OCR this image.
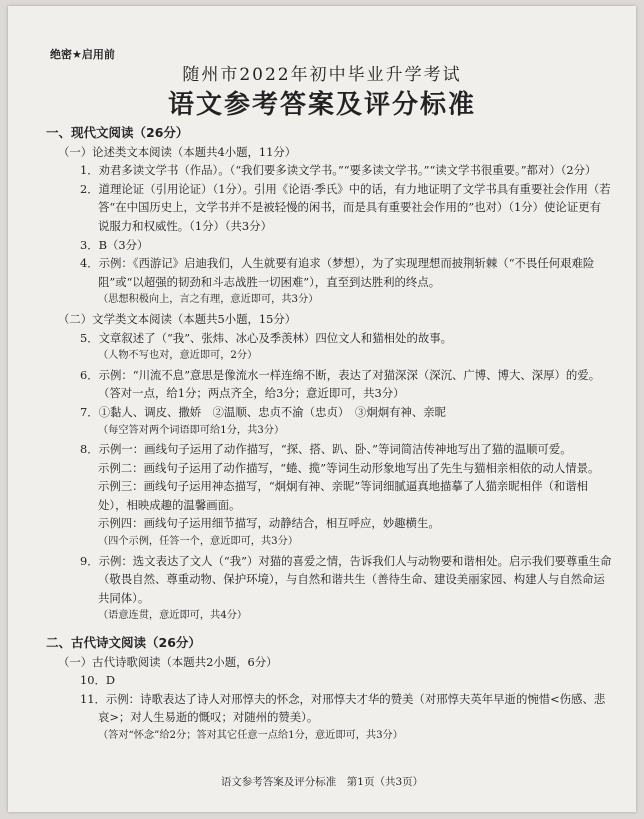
绝密★启用前
随州市2022年初中毕业升学考试
语文参考答案及评分标准
一、现代文阅读（26分）
（一）论述类文本阅读（本题共4小题，11分）
1．劝君多读文学书（作品）。（“我们要多读文学书。”“要多读文学书。”“读文学书很重要。”都对）（2分）
2．道理论证（引用论证）（1分）。引用《论语·季氏》中的话，有力地证明了文学书具有重要社会作用（若答“在中国历史上，文学书并不是被轻慢的闲书，而是具有重要社会作用的”也对）（1分）使论证更有说服力和权威性。（1分）（共3分）
3．B（3分）
4．示例：《西游记》启迪我们，人生就要有追求（梦想），为了实现理想而披荆斩棘（“不畏任何艰难险阻”或“以超强的韧劲和斗志战胜一切困难”），直至到达胜利的终点。
（思想积极向上，言之有理，意近即可，共3分）
（二）文学类文本阅读（本题共5小题，15分）
5．文章叙述了（“我”、张炜、冰心及季羡林）四位文人和猫相处的故事。
（人物不写也对，意近即可，2分）
6．示例：“川流不息”意思是像流水一样连绵不断，表达了对猫深深（深沉、广博、博大、深厚）的爱。（答对一点，给1分；两点齐全，给3分；意近即可，共3分）
7．①黏人、调皮、撒娇　②温顺、忠贞不渝（忠贞）　③炯炯有神、亲昵
（每空答对两个词语即可给1分，共3分）
8．示例一：画线句子运用了动作描写，“探、搭、趴、卧、”等词简洁传神地写出了猫的温顺可爱。
示例二：画线句子运用了动作描写，“蜷、揽”等词生动形象地写出了先生与猫相亲相依的动人情景。
示例三：画线句子运用神态描写，“炯炯有神、亲昵”等词细腻逼真地描摹了人猫亲昵相伴（和谐相处），相映成趣的温馨画面。
示例四：画线句子运用细节描写，动静结合，相互呼应，妙趣横生。
（四个示例，任答一个，意近即可，共3分）
9．示例：选文表达了文人（“我”）对猫的喜爱之情，告诉我们人与动物要和谐相处。启示我们要尊重生命（敬畏自然、尊重动物、保护环境），与自然和谐共生（善待生命、建设美丽家园、构建人与自然命运共同体）。
（语意连贯，意近即可，共4分）
二、古代诗文阅读（26分）
（一）古代诗歌阅读（本题共2小题，6分）
10．D
11．示例：诗歌表达了诗人对邢惇夫的怀念，对邢惇夫才华的赞美（对邢惇夫英年早逝的惋惜<伤感、悲哀>；对人生易逝的慨叹；对随州的赞美）。
（答对“怀念”给2分；答对其它任意一点给1分，意近即可，共3分）
语文参考答案及评分标准　第1页（共3页）
